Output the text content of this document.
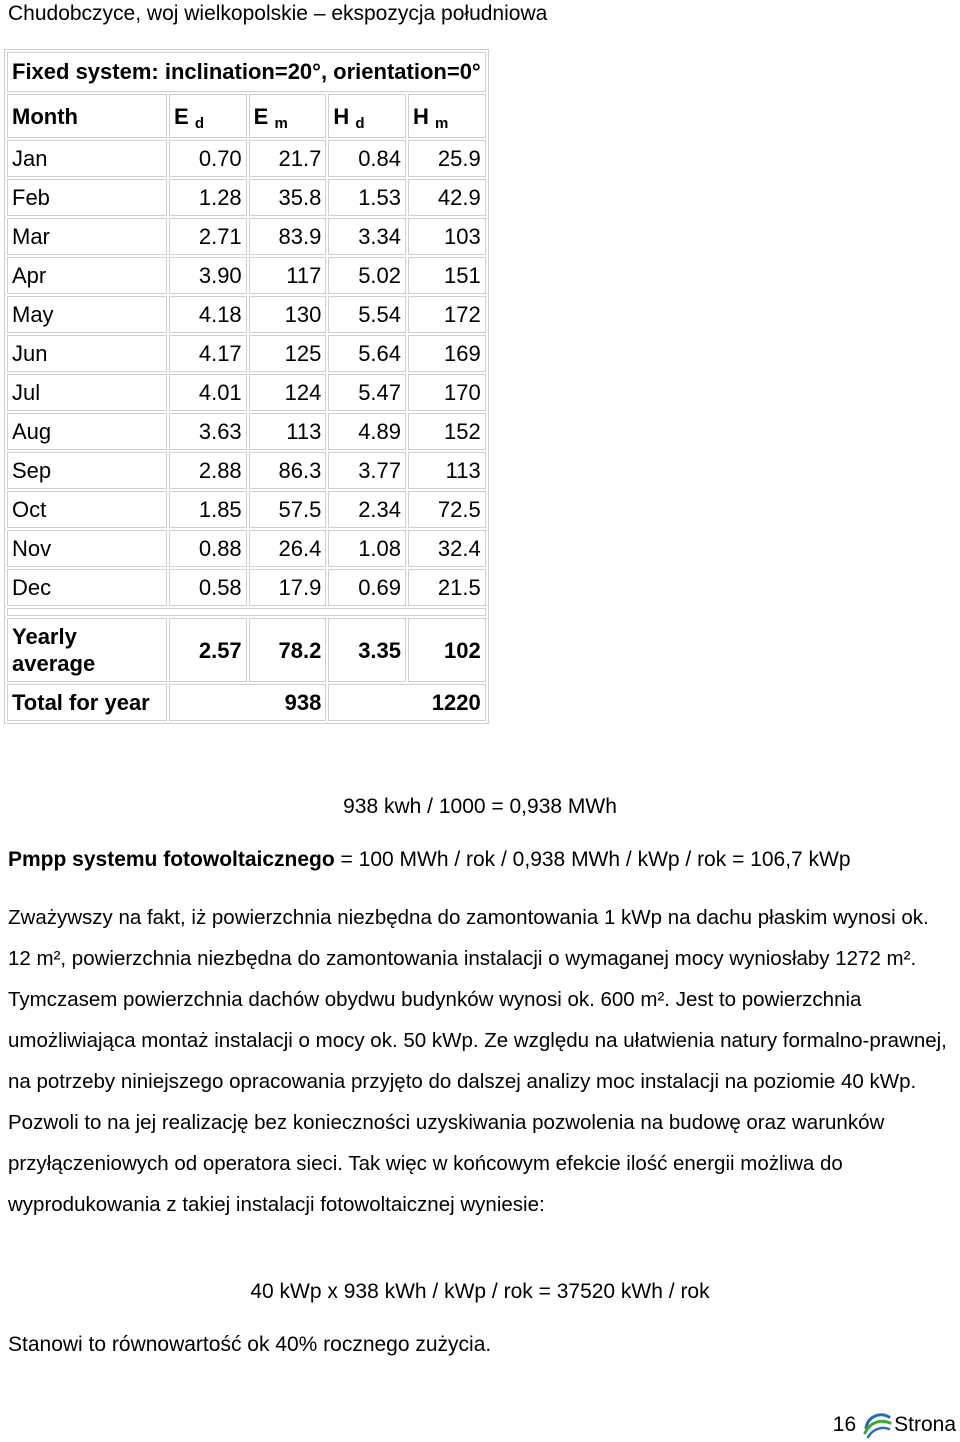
Chudobczyce, woj wielkopolskie – ekspozycja południowa
Fixed system: inclination=20°, orientation=0°				
Month	E $_d$	E $_m$	H $_d$	H $_m$
Jan	0.70	21.7	0.84	25.9
Feb	1.28	35.8	1.53	42.9
Mar	2.71	83.9	3.34	103
Apr	3.90	117	5.02	151
May	4.18	130	5.54	172
Jun	4.17	125	5.64	169
Jul	4.01	124	5.47	170
Aug	3.63	113	4.89	152
Sep	2.88	86.3	3.77	113
Oct	1.85	57.5	2.34	72.5
Nov	0.88	26.4	1.08	32.4
Dec	0.58	17.9	0.69	21.5

Yearly average	2.57	78.2	3.35	102
Total for year	938		1220	
938 kwh / 1000 = 0,938 MWh
Pmpp systemu fotowoltaicznego = 100 MWh / rok / 0,938 MWh / kWp / rok = 106,7 kWp
Zważywszy na fakt, iż powierzchnia niezbędna do zamontowania 1 kWp na dachu płaskim wynosi ok. 12 m², powierzchnia niezbędna do zamontowania instalacji o wymaganej mocy wyniosłaby 1272 m². Tymczasem powierzchnia dachów obydwu budynków wynosi ok. 600 m². Jest to powierzchnia umożliwiająca montaż instalacji o mocy ok. 50 kWp. Ze względu na ułatwienia natury formalno-prawnej, na potrzeby niniejszego opracowania przyjęto do dalszej analizy moc instalacji na poziomie 40 kWp. Pozwoli to na jej realizację bez konieczności uzyskiwania pozwolenia na budowę oraz warunków przyłączeniowych od operatora sieci. Tak więc w końcowym efekcie ilość energii możliwa do wyprodukowania z takiej instalacji fotowoltaicznej wyniesie:
40 kWp x 938 kWh / kWp / rok = 37520 kWh / rok
Stanowi to równowartość ok 40% rocznego zużycia.
16 Strona
